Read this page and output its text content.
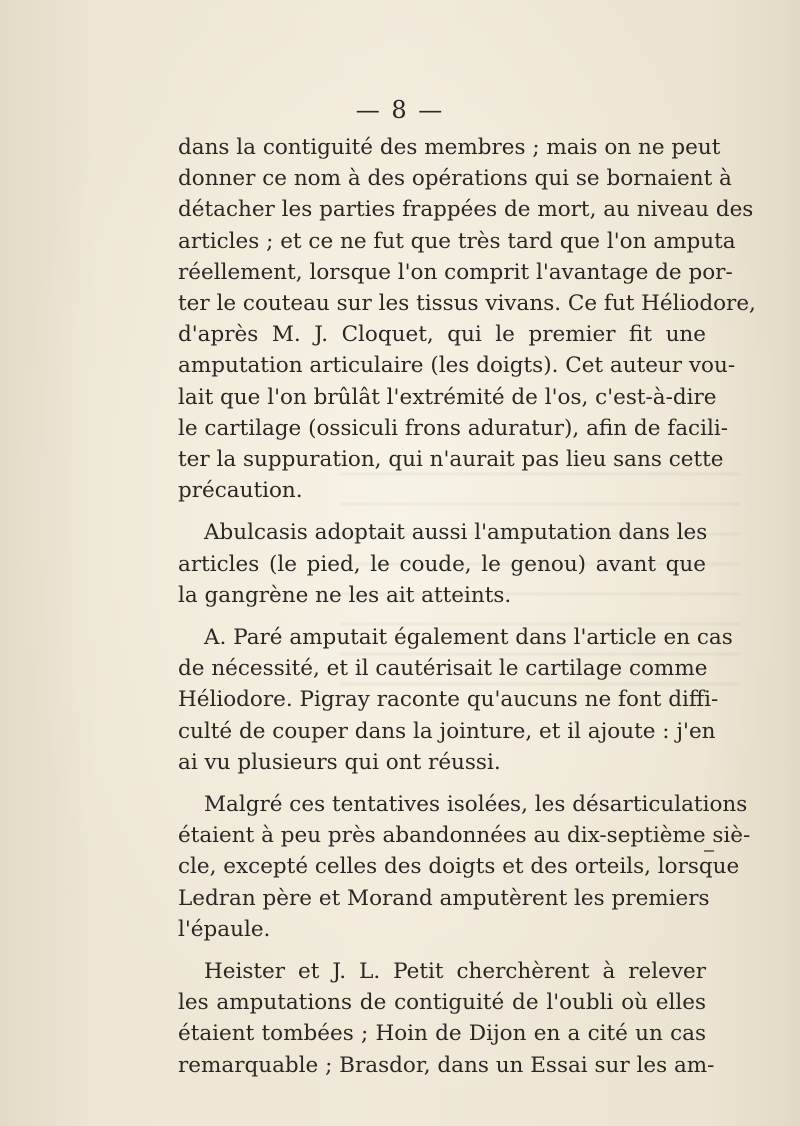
— 8 —
dans la contiguité des membres ; mais on ne peut
donner ce nom à des opérations qui se bornaient à
détacher les parties frappées de mort, au niveau des
articles ; et ce ne fut que très tard que l'on amputa
réellement, lorsque l'on comprit l'avantage de por-
ter le couteau sur les tissus vivans. Ce fut Héliodore,
d'après M. J. Cloquet, qui le premier fit une
amputation articulaire (les doigts). Cet auteur vou-
lait que l'on brûlât l'extrémité de l'os, c'est-à-dire
le cartilage (ossiculi frons aduratur), afin de facili-
ter la suppuration, qui n'aurait pas lieu sans cette
précaution.
Abulcasis adoptait aussi l'amputation dans les
articles (le pied, le coude, le genou) avant que
la gangrène ne les ait atteints.
A. Paré amputait également dans l'article en cas
de nécessité, et il cautérisait le cartilage comme
Héliodore. Pigray raconte qu'aucuns ne font diffi-
culté de couper dans la jointure, et il ajoute : j'en
ai vu plusieurs qui ont réussi.
Malgré ces tentatives isolées, les désarticulations
étaient à peu près abandonnées au dix-septième siè-
cle, excepté celles des doigts et des orteils, lorsque
Ledran père et Morand amputèrent les premiers
l'épaule.
Heister et J. L. Petit cherchèrent à relever
les amputations de contiguité de l'oubli où elles
étaient tombées ; Hoin de Dijon en a cité un cas
remarquable ; Brasdor, dans un Essai sur les am-
